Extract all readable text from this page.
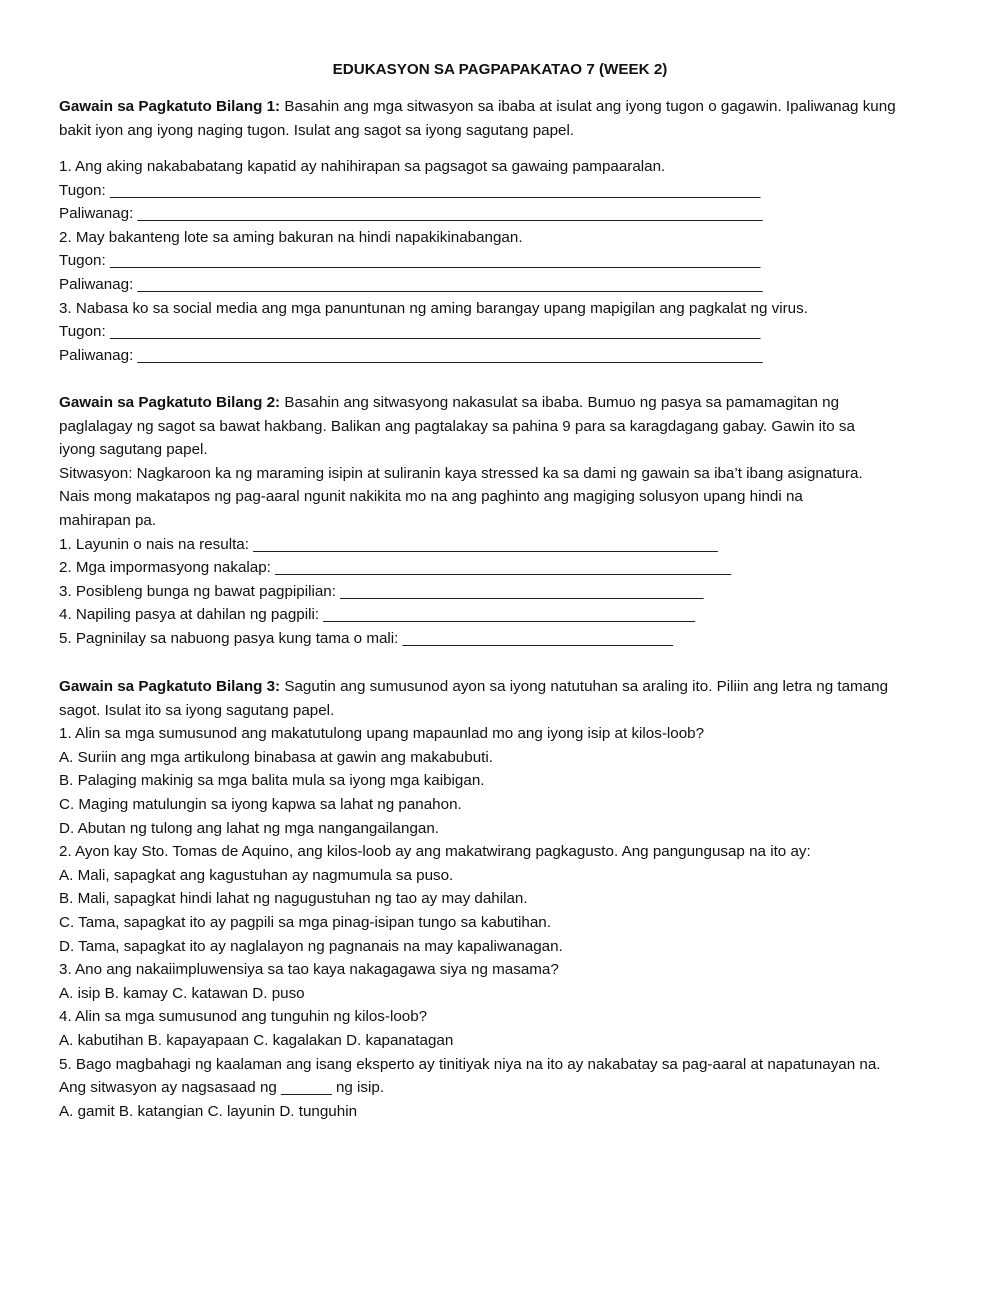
EDUKASYON SA PAGPAPAKATAO 7 (WEEK 2)
Gawain sa Pagkatuto Bilang 1: Basahin ang mga sitwasyon sa ibaba at isulat ang iyong tugon o gagawin. Ipaliwanag kung
bakit iyon ang iyong naging tugon. Isulat ang sagot sa iyong sagutang papel.
1. Ang aking nakababatang kapatid ay nahihirapan sa pagsagot sa gawaing pampaaralan.
Tugon: _____________________________________________________________________________
Paliwanag: __________________________________________________________________________
2. May bakanteng lote sa aming bakuran na hindi napakikinabangan.
Tugon: _____________________________________________________________________________
Paliwanag: __________________________________________________________________________
3. Nabasa ko sa social media ang mga panuntunan ng aming barangay upang mapigilan ang pagkalat ng virus.
Tugon: _____________________________________________________________________________
Paliwanag: __________________________________________________________________________
Gawain sa Pagkatuto Bilang 2: Basahin ang sitwasyong nakasulat sa ibaba. Bumuo ng pasya sa pamamagitan ng
paglalagay ng sagot sa bawat hakbang. Balikan ang pagtalakay sa pahina 9 para sa karagdagang gabay. Gawin ito sa
iyong sagutang papel.
Sitwasyon: Nagkaroon ka ng maraming isipin at suliranin kaya stressed ka sa dami ng gawain sa iba’t ibang asignatura.
Nais mong makatapos ng pag-aaral ngunit nakikita mo na ang paghinto ang magiging solusyon upang hindi na
mahirapan pa.
1. Layunin o nais na resulta: _______________________________________________________
2. Mga impormasyong nakalap: ______________________________________________________
3. Posibleng bunga ng bawat pagpipilian: ___________________________________________
4. Napiling pasya at dahilan ng pagpili: ____________________________________________
5. Pagninilay sa nabuong pasya kung tama o mali: ________________________________
Gawain sa Pagkatuto Bilang 3: Sagutin ang sumusunod ayon sa iyong natutuhan sa araling ito. Piliin ang letra ng tamang
sagot. Isulat ito sa iyong sagutang papel.
1. Alin sa mga sumusunod ang makatutulong upang mapaunlad mo ang iyong isip at kilos-loob?
A. Suriin ang mga artikulong binabasa at gawin ang makabubuti.
B. Palaging makinig sa mga balita mula sa iyong mga kaibigan.
C. Maging matulungin sa iyong kapwa sa lahat ng panahon.
D. Abutan ng tulong ang lahat ng mga nangangailangan.
2. Ayon kay Sto. Tomas de Aquino, ang kilos-loob ay ang makatwirang pagkagusto. Ang pangungusap na ito ay:
A. Mali, sapagkat ang kagustuhan ay nagmumula sa puso.
B. Mali, sapagkat hindi lahat ng nagugustuhan ng tao ay may dahilan.
C. Tama, sapagkat ito ay pagpili sa mga pinag-isipan tungo sa kabutihan.
D. Tama, sapagkat ito ay naglalayon ng pagnanais na may kapaliwanagan.
3. Ano ang nakaiimpluwensiya sa tao kaya nakagagawa siya ng masama?
A. isip B. kamay C. katawan D. puso
4. Alin sa mga sumusunod ang tunguhin ng kilos-loob?
A. kabutihan B. kapayapaan C. kagalakan D. kapanatagan
5. Bago magbahagi ng kaalaman ang isang eksperto ay tinitiyak niya na ito ay nakabatay sa pag-aaral at napatunayan na.
Ang sitwasyon ay nagsasaad ng ______ ng isip.
A. gamit B. katangian C. layunin D. tunguhin
